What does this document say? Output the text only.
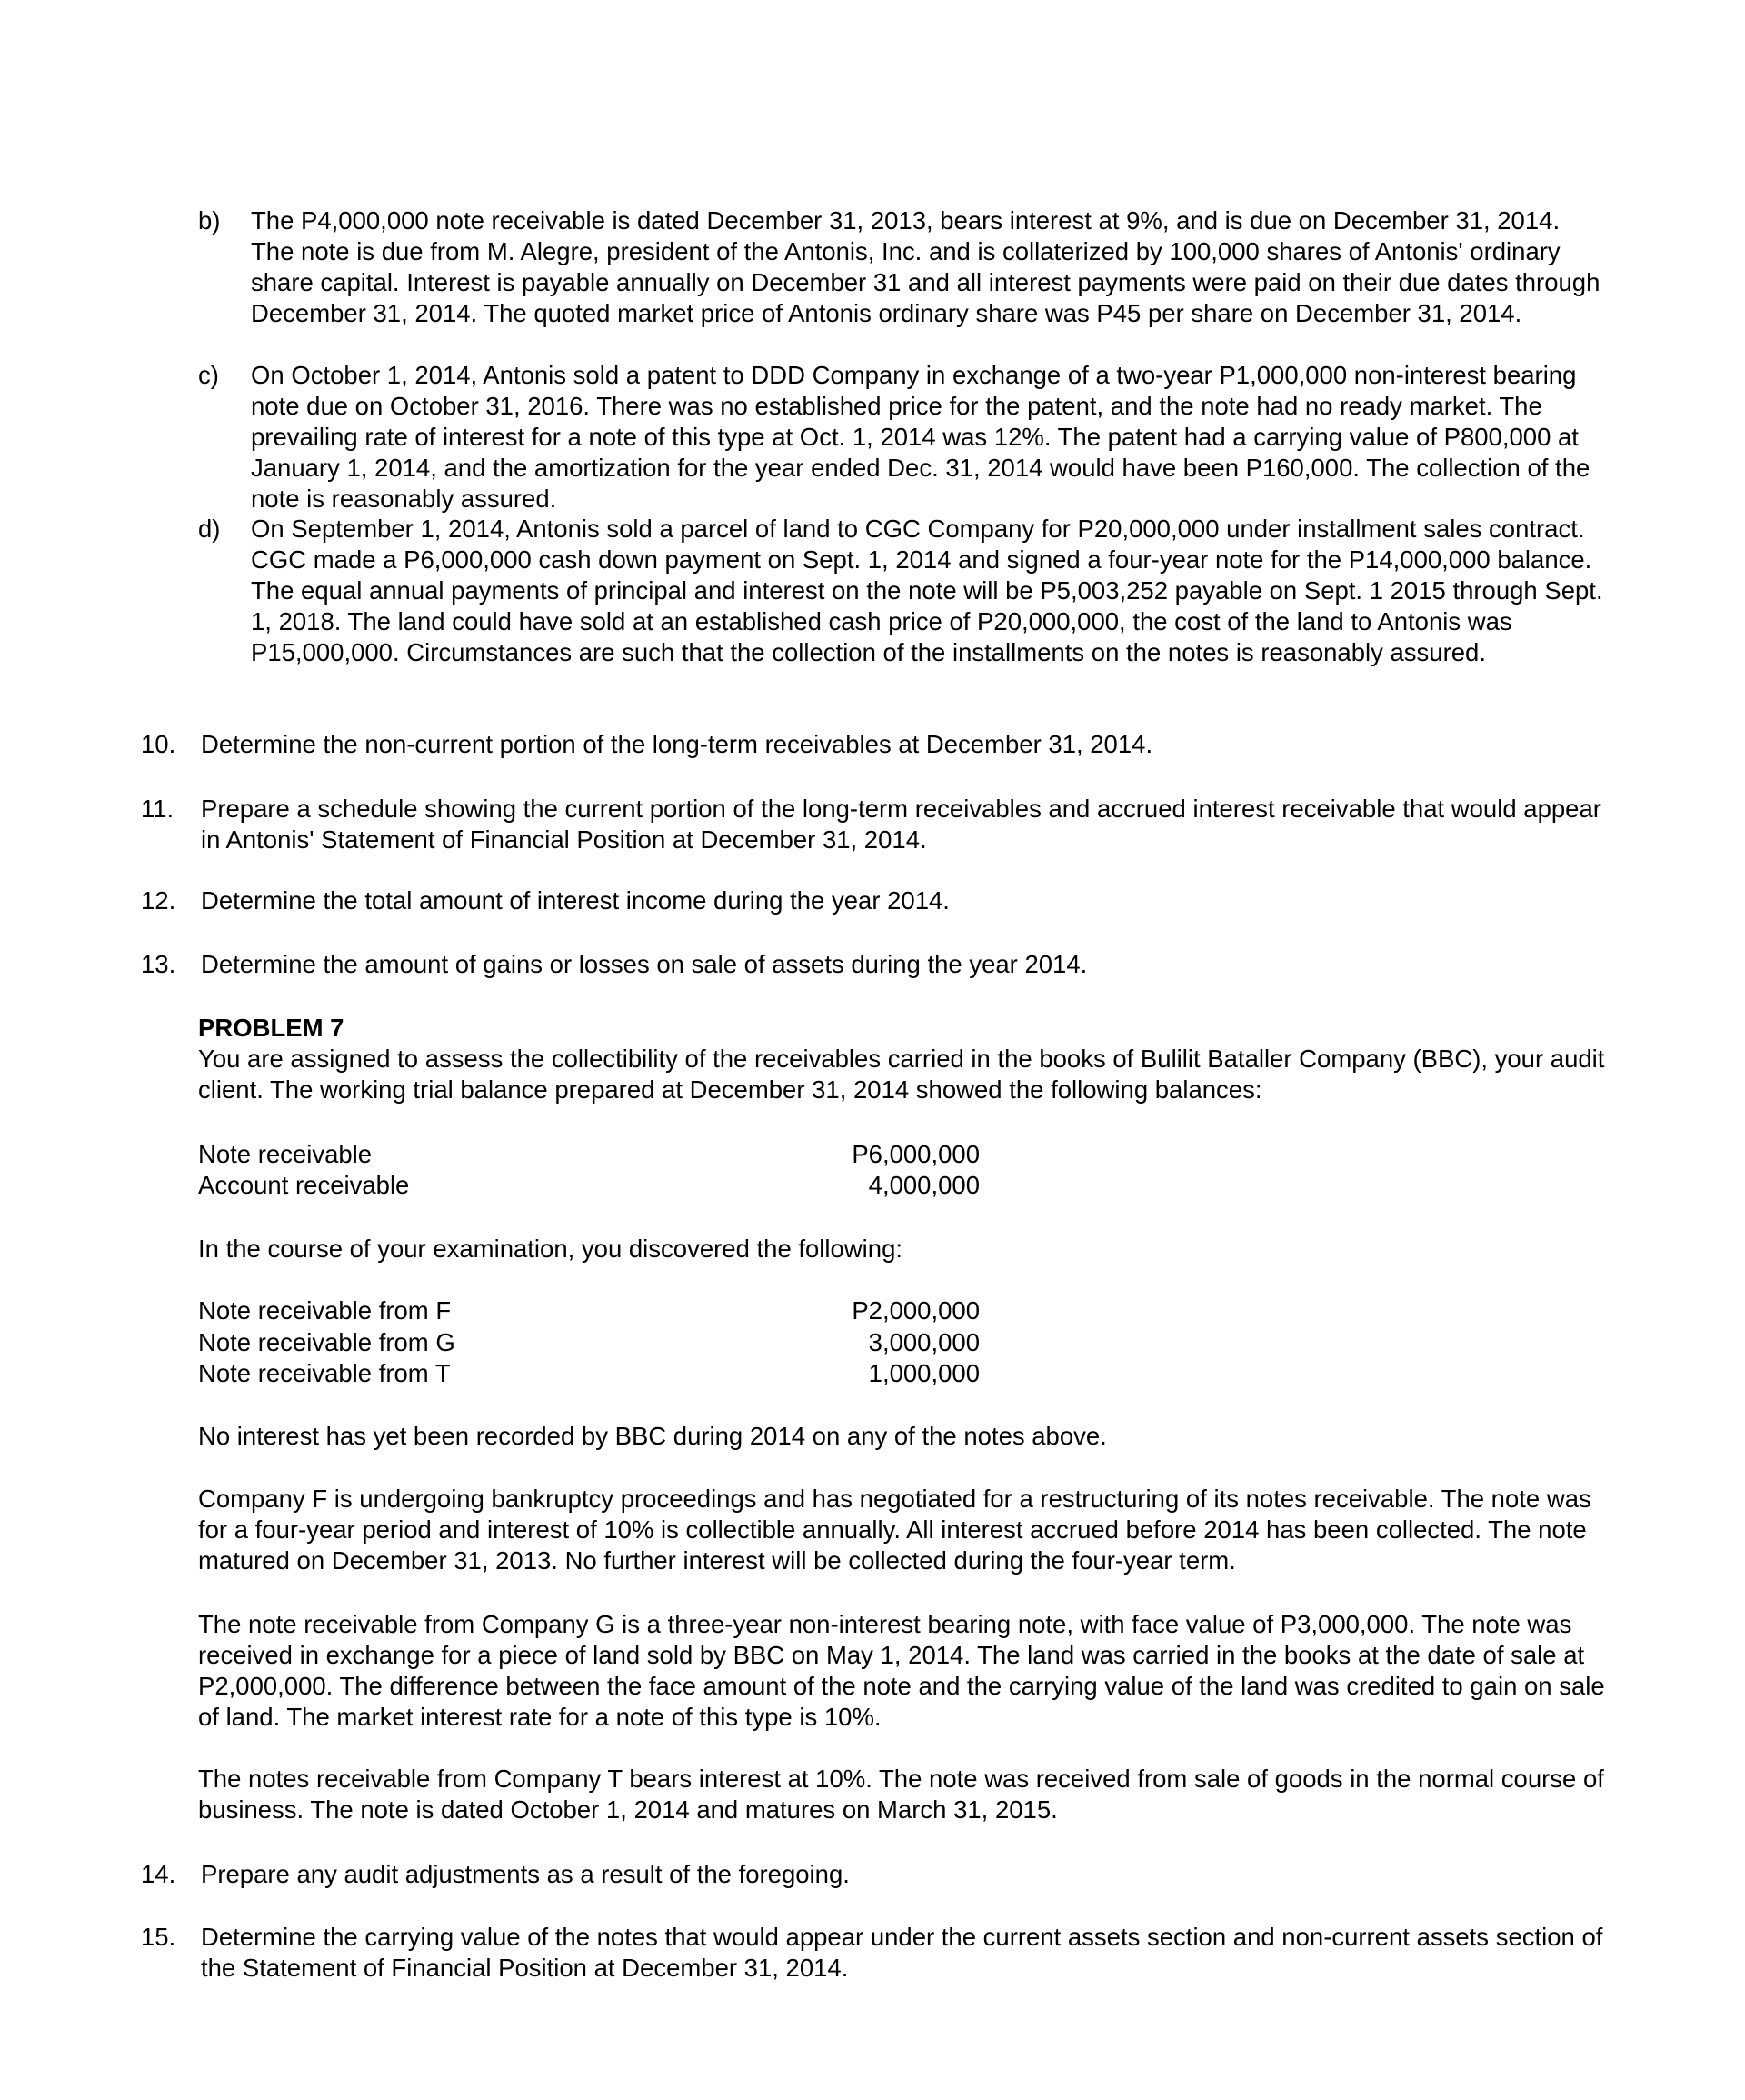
b) The P4,000,000 note receivable is dated December 31, 2013, bears interest at 9%, and is due on December 31, 2014. The note is due from M. Alegre, president of the Antonis, Inc. and is collaterized by 100,000 shares of Antonis' ordinary share capital. Interest is payable annually on December 31 and all interest payments were paid on their due dates through December 31, 2014. The quoted market price of Antonis ordinary share was P45 per share on December 31, 2014.
c) On October 1, 2014, Antonis sold a patent to DDD Company in exchange of a two-year P1,000,000 non-interest bearing note due on October 31, 2016. There was no established price for the patent, and the note had no ready market. The prevailing rate of interest for a note of this type at Oct. 1, 2014 was 12%. The patent had a carrying value of P800,000 at January 1, 2014, and the amortization for the year ended Dec. 31, 2014 would have been P160,000. The collection of the note is reasonably assured.
d) On September 1, 2014, Antonis sold a parcel of land to CGC Company for P20,000,000 under installment sales contract. CGC made a P6,000,000 cash down payment on Sept. 1, 2014 and signed a four-year note for the P14,000,000 balance. The equal annual payments of principal and interest on the note will be P5,003,252 payable on Sept. 1 2015 through Sept. 1, 2018. The land could have sold at an established cash price of P20,000,000, the cost of the land to Antonis was P15,000,000. Circumstances are such that the collection of the installments on the notes is reasonably assured.
10. Determine the non-current portion of the long-term receivables at December 31, 2014.
11. Prepare a schedule showing the current portion of the long-term receivables and accrued interest receivable that would appear in Antonis' Statement of Financial Position at December 31, 2014.
12. Determine the total amount of interest income during the year 2014.
13. Determine the amount of gains or losses on sale of assets during the year 2014.
PROBLEM 7
You are assigned to assess the collectibility of the receivables carried in the books of Bulilit Bataller Company (BBC), your audit client. The working trial balance prepared at December 31, 2014 showed the following balances:
Note receivable	P6,000,000
Account receivable	4,000,000
In the course of your examination, you discovered the following:
Note receivable from F	P2,000,000
Note receivable from G	3,000,000
Note receivable from T	1,000,000
No interest has yet been recorded by BBC during 2014 on any of the notes above.
Company F is undergoing bankruptcy proceedings and has negotiated for a restructuring of its notes receivable. The note was for a four-year period and interest of 10% is collectible annually. All interest accrued before 2014 has been collected. The note matured on December 31, 2013. No further interest will be collected during the four-year term.
The note receivable from Company G is a three-year non-interest bearing note, with face value of P3,000,000. The note was received in exchange for a piece of land sold by BBC on May 1, 2014. The land was carried in the books at the date of sale at P2,000,000. The difference between the face amount of the note and the carrying value of the land was credited to gain on sale of land. The market interest rate for a note of this type is 10%.
The notes receivable from Company T bears interest at 10%. The note was received from sale of goods in the normal course of business. The note is dated October 1, 2014 and matures on March 31, 2015.
14. Prepare any audit adjustments as a result of the foregoing.
15. Determine the carrying value of the notes that would appear under the current assets section and non-current assets section of the Statement of Financial Position at December 31, 2014.
